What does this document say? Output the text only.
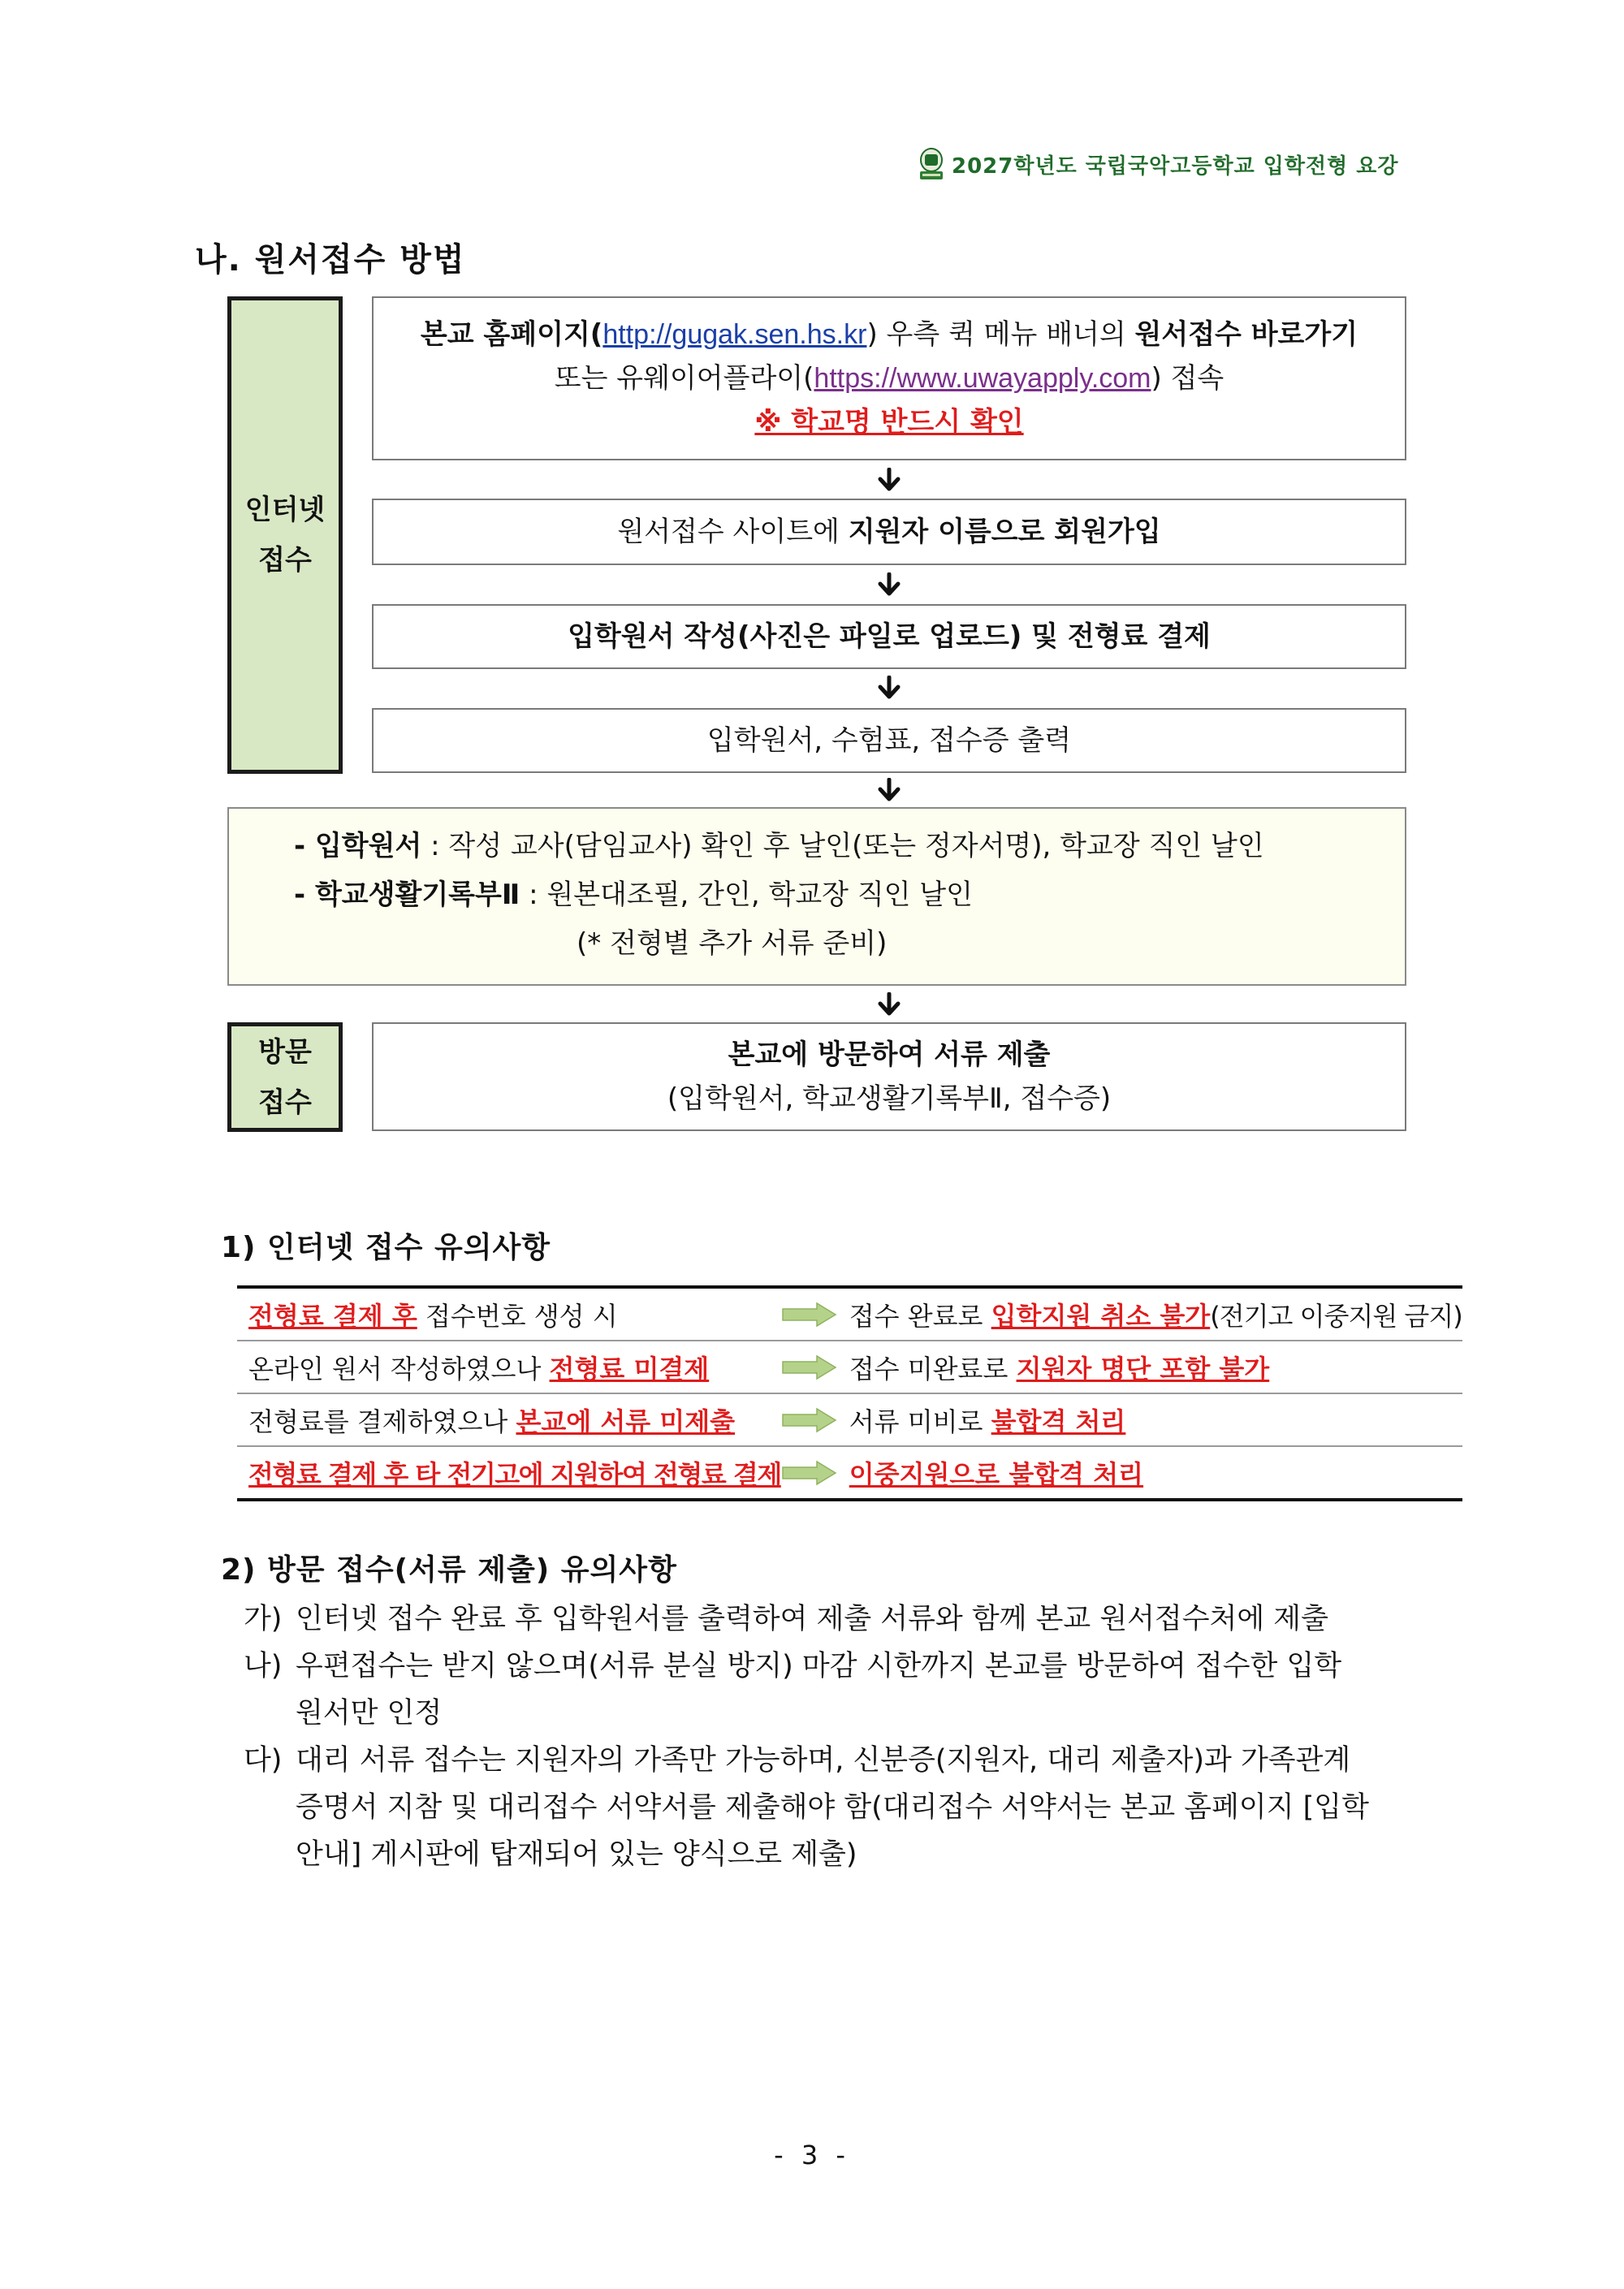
2027학년도 국립국악고등학교 입학전형 요강
나. 원서접수 방법
인터넷
접수
본교 홈페이지(http://gugak.sen.hs.kr) 우측 퀵 메뉴 배너의 원서접수 바로가기
또는 유웨이어플라이(https://www.uwayapply.com) 접속
※ 학교명 반드시 확인
원서접수 사이트에 지원자 이름으로 회원가입
입학원서 작성(사진은 파일로 업로드) 및 전형료 결제
입학원서, 수험표, 접수증 출력
- 입학원서 : 작성 교사(담임교사) 확인 후 날인(또는 정자서명), 학교장 직인 날인
- 학교생활기록부Ⅱ : 원본대조필, 간인, 학교장 직인 날인
(* 전형별 추가 서류 준비)
방문
접수
본교에 방문하여 서류 제출
(입학원서, 학교생활기록부Ⅱ, 접수증)
1) 인터넷 접수 유의사항
전형료 결제 후 접수번호 생성 시		접수 완료로 입학지원 취소 불가(전기고 이중지원 금지)
온라인 원서 작성하였으나 전형료 미결제		접수 미완료로 지원자 명단 포함 불가
전형료를 결제하였으나 본교에 서류 미제출		서류 미비로 불합격 처리
전형료 결제 후 타 전기고에 지원하여 전형료 결제		이중지원으로 불합격 처리
2) 방문 접수(서류 제출) 유의사항
가) 인터넷 접수 완료 후 입학원서를 출력하여 제출 서류와 함께 본교 원서접수처에 제출
나) 우편접수는 받지 않으며(서류 분실 방지) 마감 시한까지 본교를 방문하여 접수한 입학
원서만 인정
다) 대리 서류 접수는 지원자의 가족만 가능하며, 신분증(지원자, 대리 제출자)과 가족관계
증명서 지참 및 대리접수 서약서를 제출해야 함(대리접수 서약서는 본교 홈페이지 [입학
안내] 게시판에 탑재되어 있는 양식으로 제출)
- 3 -
